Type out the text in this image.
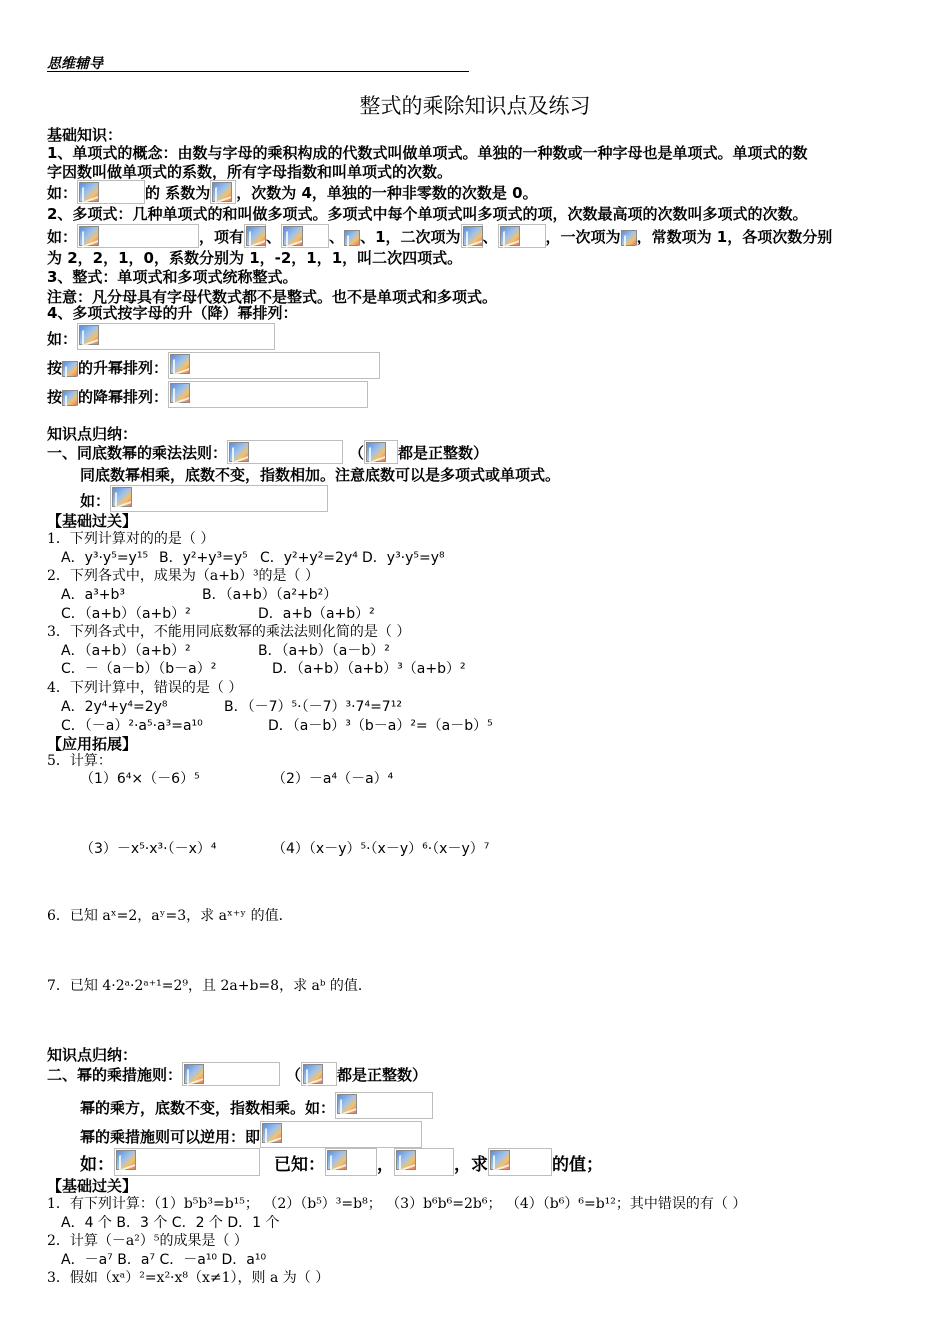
思维辅导
整式的乘除知识点及练习
基础知识：
1、单项式的概念：由数与字母的乘积构成的代数式叫做单项式。单独的一种数或一种字母也是单项式。单项式的数
字因数叫做单项式的系数，所有字母指数和叫单项式的次数。
如：	的 系数为 ，次数为 4，单独的一种非零数的次数是 0。
2、多项式：几种单项式的和叫做多项式。多项式中每个单项式叫多项式的项，次数最高项的次数叫多项式的次数。
如：	，项有 、	、 、1，二次项为 、	，一次项为 ，常数项为 1，各项次数分别
为 2，2，1，0，系数分别为 1，-2，1，1，叫二次四项式。
3、整式：单项式和多项式统称整式。
注意：凡分母具有字母代数式都不是整式。也不是单项式和多项式。
4、多项式按字母的升（降）幂排列：
如：
按 的升幂排列：
按 的降幂排列：
知识点归纳：
一、同底数幂的乘法法则：	（ 都是正整数）
同底数幂相乘，底数不变，指数相加。注意底数可以是多项式或单项式。
如：
【基础过关】
1．下列计算对的的是（ ）
A．y³·y⁵=y¹⁵ B．y²+y³=y⁵ C．y²+y²=2y⁴ D．y³·y⁵=y⁸
2．下列各式中，成果为（a+b）³的是（ ）
A．a³+b³	B．（a+b）（a²+b²）
C．（a+b）（a+b）²	D．a+b（a+b）²
3．下列各式中，不能用同底数幂的乘法法则化简的是（ ）
A．（a+b）（a+b）²	B．（a+b）（a－b）²
C．－（a－b）（b－a）²	D．（a+b）（a+b）³（a+b）²
4．下列计算中，错误的是（ ）
A．2y⁴+y⁴=2y⁸	B．（－7）⁵·（－7）³·7⁴=7¹²
C．（－a）²·a⁵·a³=a¹⁰	D．（a－b）³（b－a）²=（a－b）⁵
【应用拓展】
5．计算：
（1）6⁴×（－6）⁵	（2）－a⁴（－a）⁴
（3）－x⁵·x³·（－x）⁴	（4）（x－y）⁵·（x－y）⁶·（x－y）⁷
6．已知 aˣ=2，aʸ=3，求 aˣ⁺ʸ 的值．
7．已知 4·2ᵃ·2ᵃ⁺¹=2⁹，且 2a+b=8，求 aᵇ 的值．
知识点归纳：
二、幂的乘措施则：	（ 都是正整数）
幂的乘方，底数不变，指数相乘。如：
幂的乘措施则可以逆用：即
如：	已知：	，	，求	的值；
【基础过关】
1．有下列计算：（1）b⁵b³=b¹⁵； （2）（b⁵）³=b⁸； （3）b⁶b⁶=2b⁶； （4）（b⁶）⁶=b¹²；其中错误的有（ ）
A．4 个 B．3 个 C．2 个 D．1 个
2．计算（－a²）⁵的成果是（ ）
A．－a⁷ B．a⁷ C．－a¹⁰ D．a¹⁰
3．假如（xᵃ）²=x²·x⁸（x≠1），则 a 为（ ）
